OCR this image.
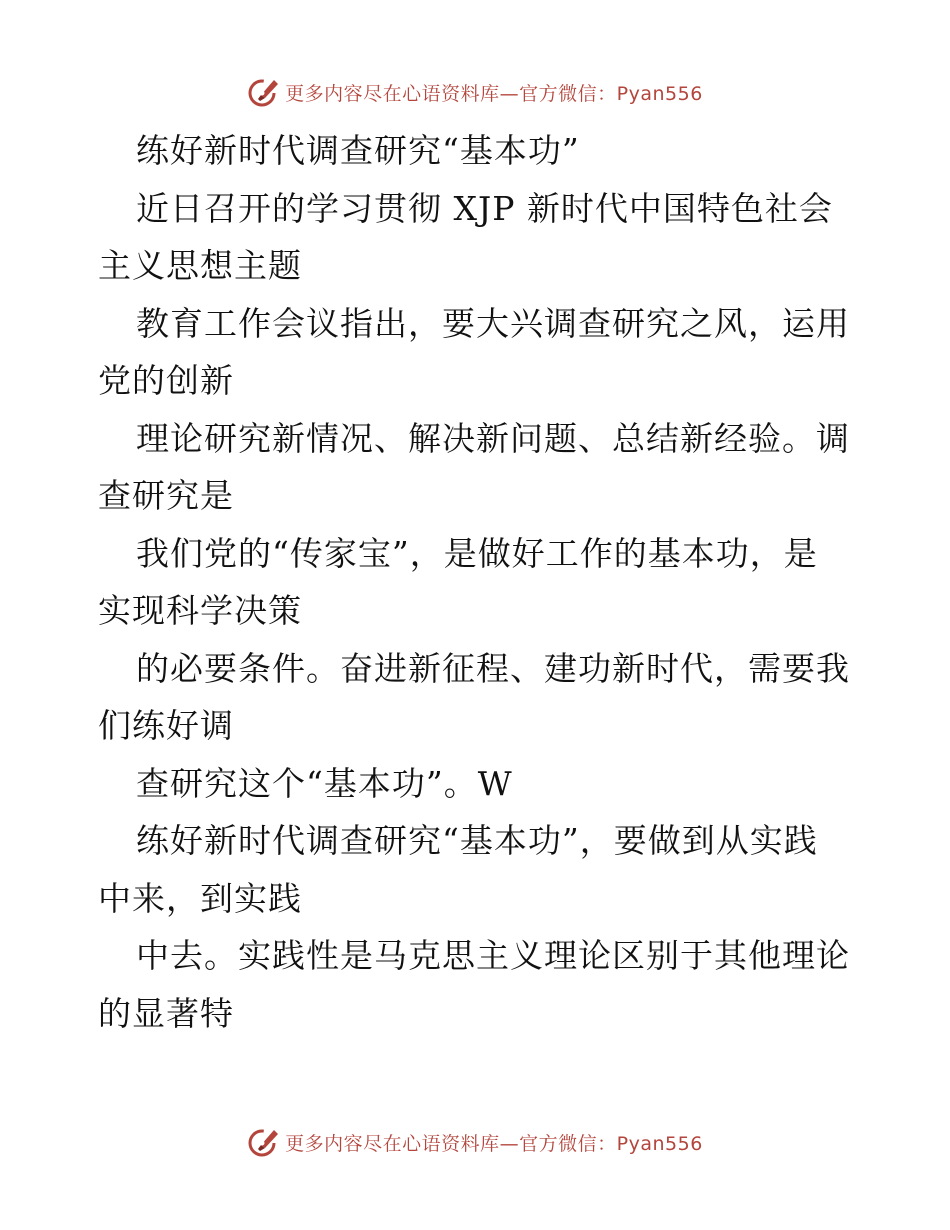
更多内容尽在心语资料库—官方微信：Pyan556
练好新时代调查研究“基本功”
近日召开的学习贯彻 XJP 新时代中国特色社会
主义思想主题
教育工作会议指出，要大兴调查研究之风，运用
党的创新
理论研究新情况、解决新问题、总结新经验。调
查研究是
我们党的“传家宝”，是做好工作的基本功，是
实现科学决策
的必要条件。奋进新征程、建功新时代，需要我
们练好调
查研究这个“基本功”。W
练好新时代调查研究“基本功”，要做到从实践
中来，到实践
中去。实践性是马克思主义理论区别于其他理论
的显著特
更多内容尽在心语资料库—官方微信：Pyan556
